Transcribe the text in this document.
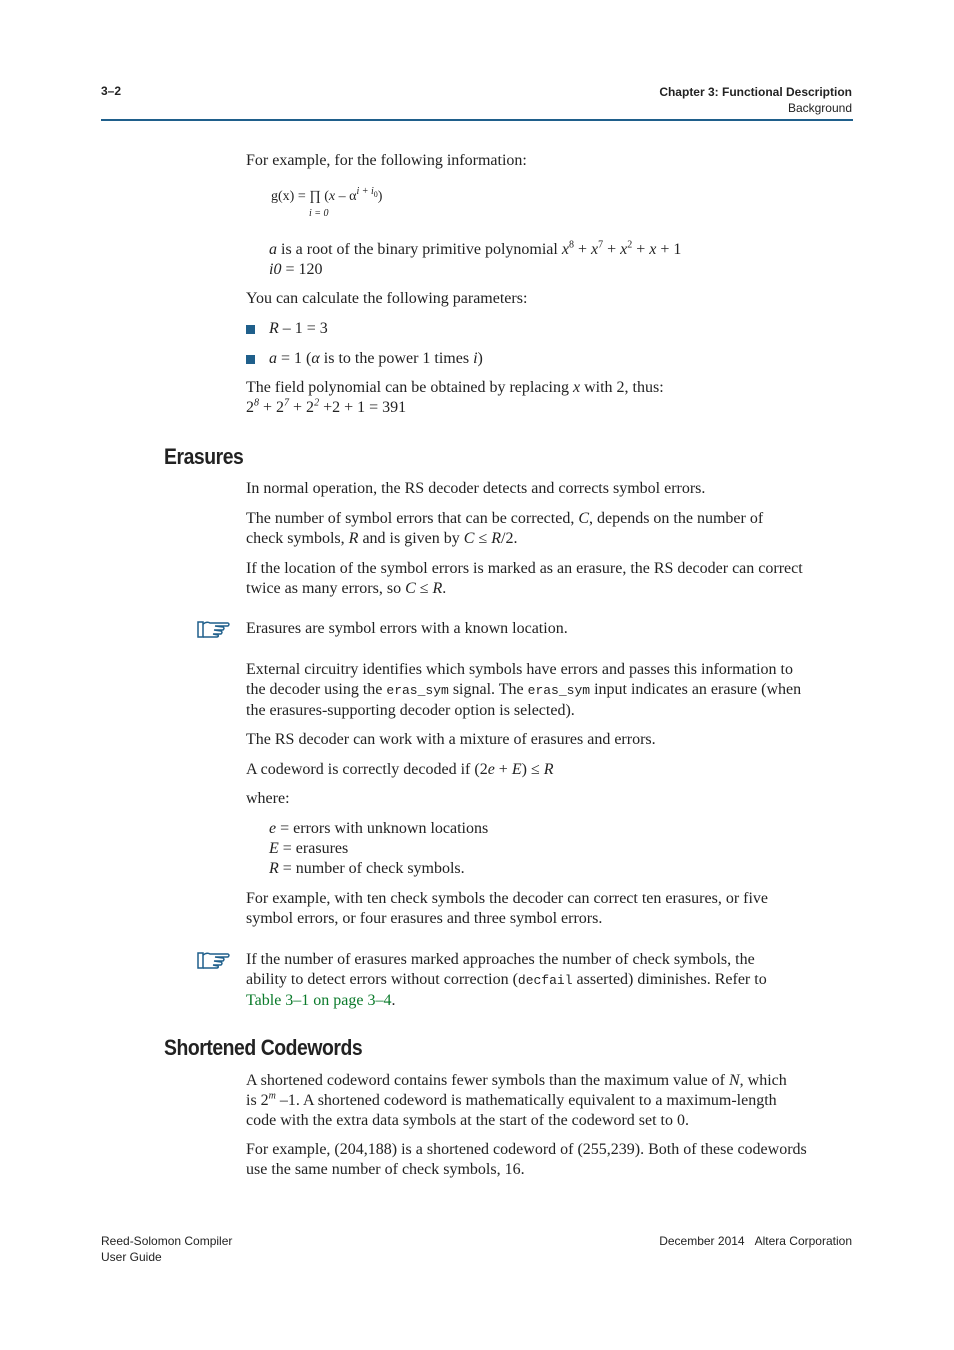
3–2	Chapter 3: Functional Description
Background
For example, for the following information:
g(x) = ∏ $(x - \alpha^{i + i_0})$
i = 0
a is a root of the binary primitive polynomial $x^8 + x^7 + x^2 + x + 1$
i0 = 120
You can calculate the following parameters:
R – 1 = 3
a = 1 (α is to the power 1 times i)
The field polynomial can be obtained by replacing x with 2, thus:
$2^8 + 2^7 + 2^2 +2 + 1 = 391$
Erasures
In normal operation, the RS decoder detects and corrects symbol errors.
The number of symbol errors that can be corrected, C, depends on the number of
check symbols, R and is given by C ≤ R/2.
If the location of the symbol errors is marked as an erasure, the RS decoder can correct
twice as many errors, so C ≤ R.
Erasures are symbol errors with a known location.
External circuitry identifies which symbols have errors and passes this information to
the decoder using the eras_sym signal. The eras_sym input indicates an erasure (when
the erasures-supporting decoder option is selected).
The RS decoder can work with a mixture of erasures and errors.
A codeword is correctly decoded if (2e + E) ≤ R
where:
e = errors with unknown locations
E = erasures
R = number of check symbols.
For example, with ten check symbols the decoder can correct ten erasures, or five
symbol errors, or four erasures and three symbol errors.
If the number of erasures marked approaches the number of check symbols, the
ability to detect errors without correction (decfail asserted) diminishes. Refer to
Table 3–1 on page 3–4.
Shortened Codewords
A shortened codeword contains fewer symbols than the maximum value of N, which
is 2$^m$ –1. A shortened codeword is mathematically equivalent to a maximum-length
code with the extra data symbols at the start of the codeword set to 0.
For example, (204,188) is a shortened codeword of (255,239). Both of these codewords
use the same number of check symbols, 16.
Reed-Solomon Compiler
User Guide
December 2014 Altera Corporation
